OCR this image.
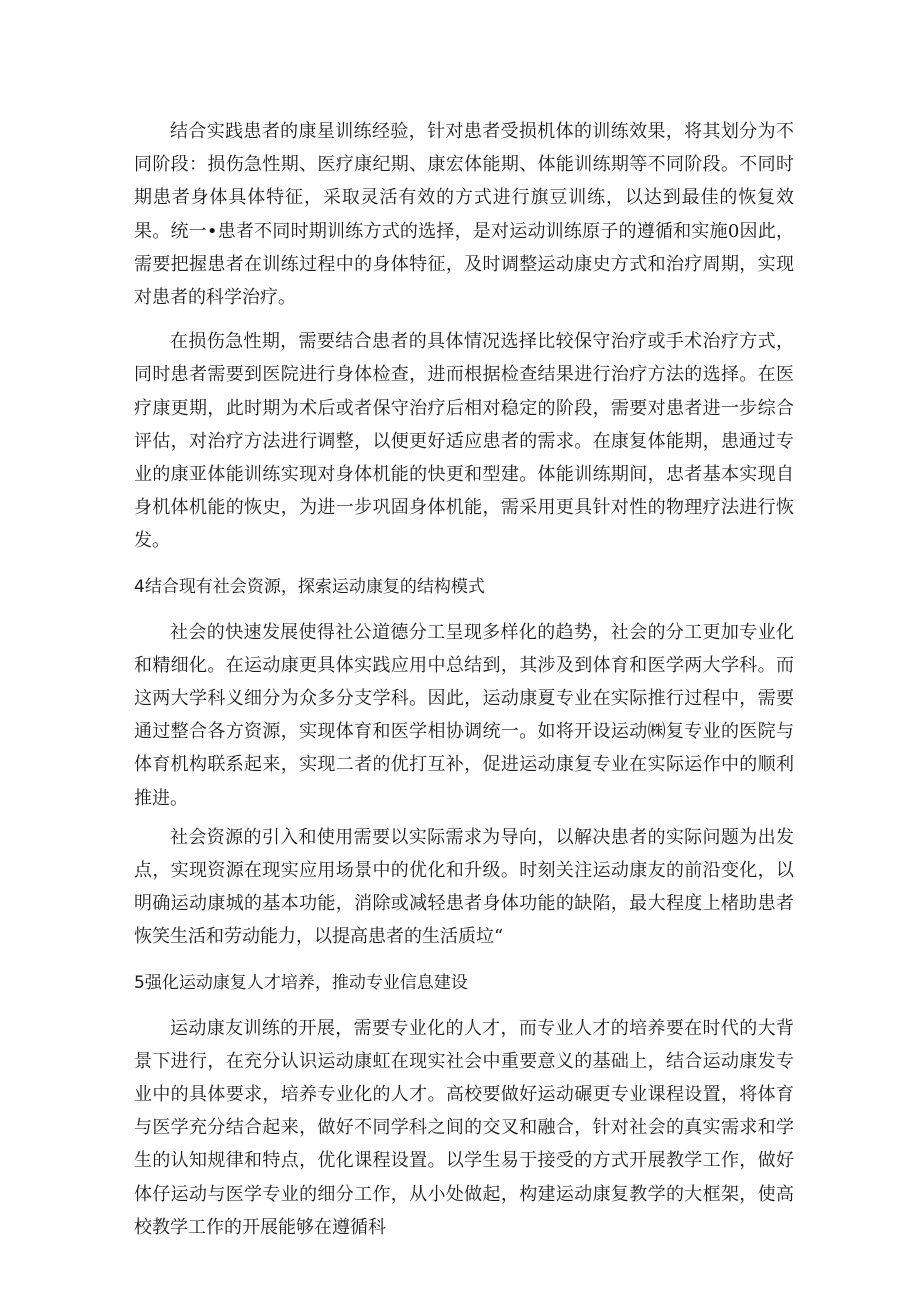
结合实践患者的康星训练经验，针对患者受损机体的训练效果，将其划分为不同阶段：损伤急性期、医疗康纪期、康宏体能期、体能训练期等不同阶段。不同时期患者身体具体特征，采取灵活有效的方式进行旗豆训练，以达到最佳的恢复效果。统一•患者不同时期训练方式的选择，是对运动训练原子的遵循和实施0因此，需要把握患者在训练过程中的身体特征，及时调整运动康史方式和治疗周期，实现对患者的科学治疗。

在损伤急性期，需要结合患者的具体情况选择比较保守治疗或手术治疗方式，同时患者需要到医院进行身体检查，进而根据检查结果进行治疗方法的选择。在医疗康更期，此时期为术后或者保守治疗后相对稳定的阶段，需要对患者进一步综合评估，对治疗方法进行调整，以便更好适应患者的需求。在康复体能期，患通过专业的康亚体能训练实现对身体机能的快更和型建。体能训练期间，忠者基本实现自身机体机能的恢史，为进一步巩固身体机能，需采用更具针对性的物理疗法进行恢发。

4结合现有社会资源，探索运动康复的结构模式

社会的快速发展使得社公道德分工呈现多样化的趋势，社会的分工更加专业化和精细化。在运动康更具体实践应用中总结到，其涉及到体育和医学两大学科。而这两大学科义细分为众多分支学科。因此，运动康夏专业在实际推行过程中，需要通过整合各方资源，实现体育和医学相协调统一。如将开设运动㈱复专业的医院与体育机构联系起来，实现二者的优打互补，促进运动康复专业在实际运作中的顺利推进。

社会资源的引入和使用需要以实际需求为导向，以解决患者的实际问题为出发点，实现资源在现实应用场景中的优化和升级。时刻关注运动康友的前沿变化，以明确运动康城的基本功能，消除或减轻患者身体功能的缺陷，最大程度上楮助患者恢笑生活和劳动能力，以提高患者的生活质垃“

5强化运动康复人才培养，推动专业信息建设

运动康友训练的开展，需要专业化的人才，而专业人才的培养要在时代的大背景下进行，在充分认识运动康虹在现实社会中重要意义的基础上，结合运动康发专业中的具体要求，培养专业化的人才。高校要做好运动碾更专业课程设置，将体育与医学充分结合起来，做好不同学科之间的交叉和融合，针对社会的真实需求和学生的认知规律和特点，优化课程设置。以学生易于接受的方式开展教学工作，做好体仔运动与医学专业的细分工作，从小处做起，构建运动康复教学的大框架，使高校教学工作的开展能够在遵循科
